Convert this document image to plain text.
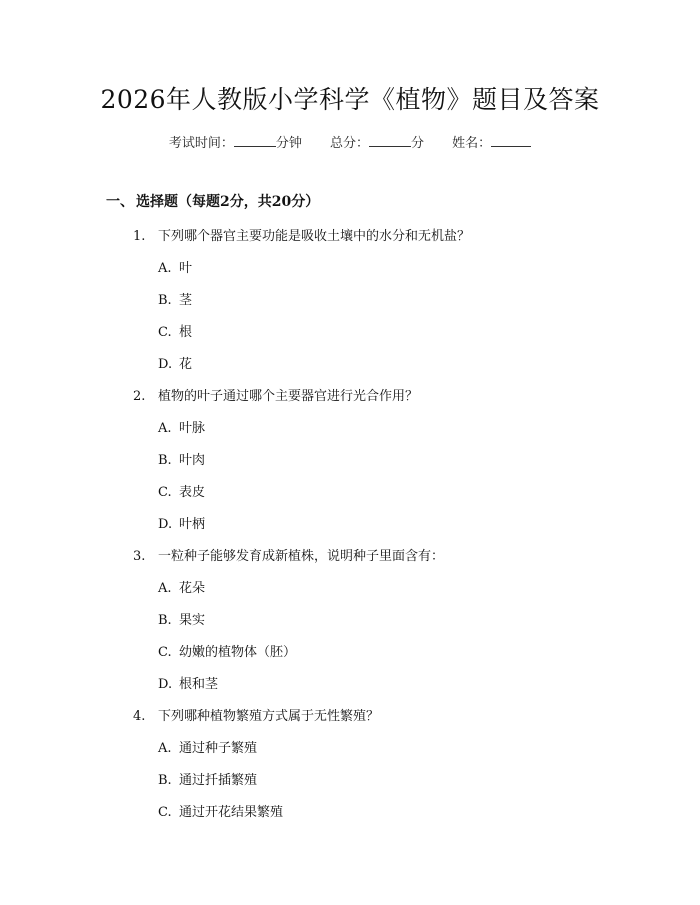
2026年人教版小学科学《植物》题目及答案
考试时间：	分钟 总分：	分 姓名：
一、 选择题（每题2分，共20分）
1. 下列哪个器官主要功能是吸收土壤中的水分和无机盐？
A. 叶
B. 茎
C. 根
D. 花
2. 植物的叶子通过哪个主要器官进行光合作用？
A. 叶脉
B. 叶肉
C. 表皮
D. 叶柄
3. 一粒种子能够发育成新植株，说明种子里面含有：
A. 花朵
B. 果实
C. 幼嫩的植物体（胚）
D. 根和茎
4. 下列哪种植物繁殖方式属于无性繁殖？
A. 通过种子繁殖
B. 通过扦插繁殖
C. 通过开花结果繁殖
